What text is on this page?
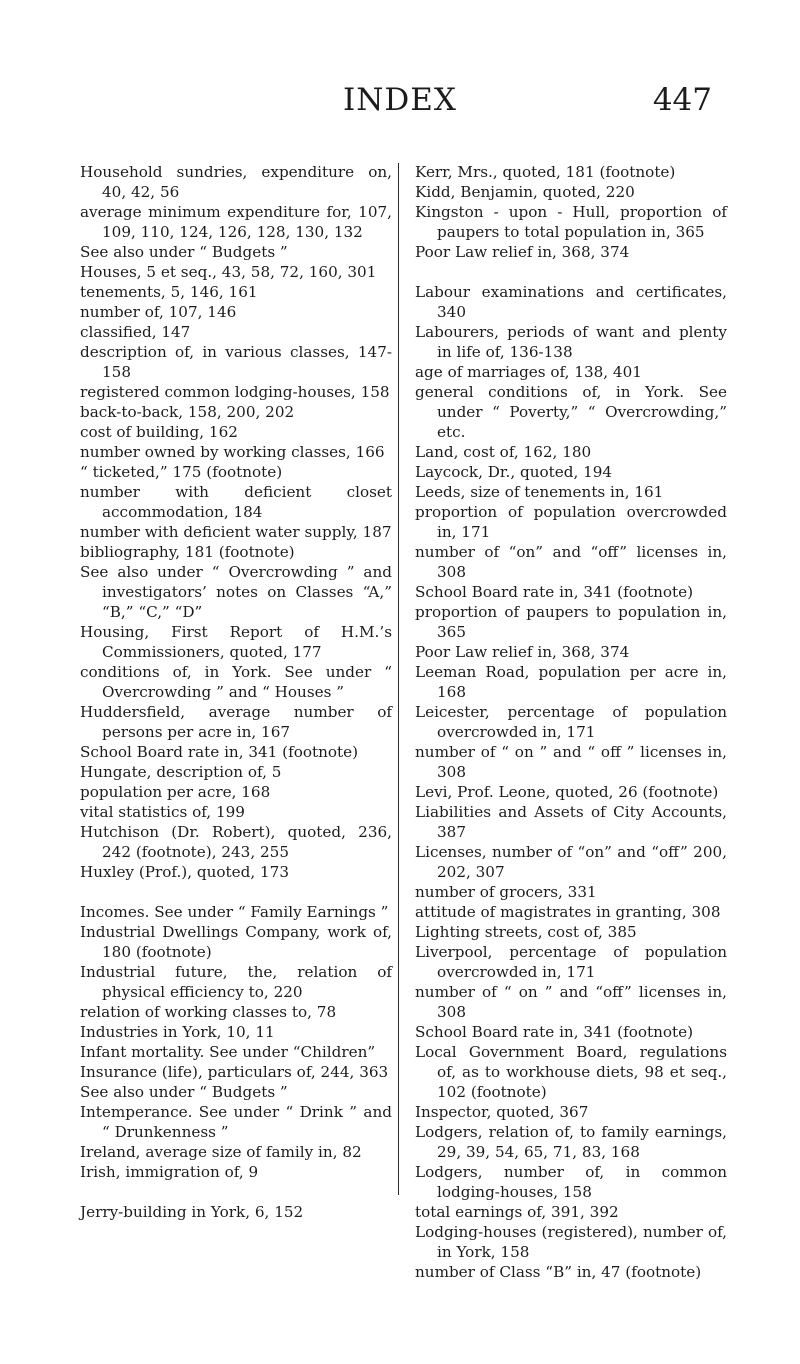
INDEX	447

Household sundries, expenditure on, 40, 42, 56

average minimum expenditure for, 107, 109, 110, 124, 126, 128, 130, 132

See also under “ Budgets ”

Houses, 5 et seq., 43, 58, 72, 160, 301

tenements, 5, 146, 161

number of, 107, 146

classified, 147

description of, in various classes, 147-158

registered common lodging-houses, 158

back-to-back, 158, 200, 202

cost of building, 162

number owned by working classes, 166

“ ticketed,” 175 (footnote)

number with deficient closet accommodation, 184

number with deficient water supply, 187

bibliography, 181 (footnote)

See also under “ Overcrowding ” and investigators’ notes on Classes “A,” “B,” “C,” “D”

Housing, First Report of H.M.’s Commissioners, quoted, 177

conditions of, in York. See under “ Overcrowding ” and “ Houses ”

Huddersfield, average number of persons per acre in, 167

School Board rate in, 341 (footnote)

Hungate, description of, 5

population per acre, 168

vital statistics of, 199

Hutchison (Dr. Robert), quoted, 236, 242 (footnote), 243, 255

Huxley (Prof.), quoted, 173

Incomes. See under “ Family Earnings ”

Industrial Dwellings Company, work of, 180 (footnote)

Industrial future, the, relation of physical efficiency to, 220

relation of working classes to, 78

Industries in York, 10, 11

Infant mortality. See under “Children”

Insurance (life), particulars of, 244, 363

See also under “ Budgets ”

Intemperance. See under “ Drink ” and “ Drunkenness ”

Ireland, average size of family in, 82

Irish, immigration of, 9

Jerry-building in York, 6, 152

Kerr, Mrs., quoted, 181 (footnote)

Kidd, Benjamin, quoted, 220

Kingston - upon - Hull, proportion of paupers to total population in, 365

Poor Law relief in, 368, 374

Labour examinations and certificates, 340

Labourers, periods of want and plenty in life of, 136-138

age of marriages of, 138, 401

general conditions of, in York. See under “ Poverty,” “ Overcrowding,” etc.

Land, cost of, 162, 180

Laycock, Dr., quoted, 194

Leeds, size of tenements in, 161

proportion of population overcrowded in, 171

number of “on” and “off” licenses in, 308

School Board rate in, 341 (footnote)

proportion of paupers to population in, 365

Poor Law relief in, 368, 374

Leeman Road, population per acre in, 168

Leicester, percentage of population overcrowded in, 171

number of “ on ” and “ off ” licenses in, 308

Levi, Prof. Leone, quoted, 26 (footnote)

Liabilities and Assets of City Accounts, 387

Licenses, number of “on” and “off” 200, 202, 307

number of grocers, 331

attitude of magistrates in granting, 308

Lighting streets, cost of, 385

Liverpool, percentage of population overcrowded in, 171

number of “ on ” and “off” licenses in, 308

School Board rate in, 341 (footnote)

Local Government Board, regulations of, as to workhouse diets, 98 et seq., 102 (footnote)

Inspector, quoted, 367

Lodgers, relation of, to family earnings, 29, 39, 54, 65, 71, 83, 168

Lodgers, number of, in common lodging-houses, 158

total earnings of, 391, 392

Lodging-houses (registered), number of, in York, 158

number of Class “B” in, 47 (footnote)
